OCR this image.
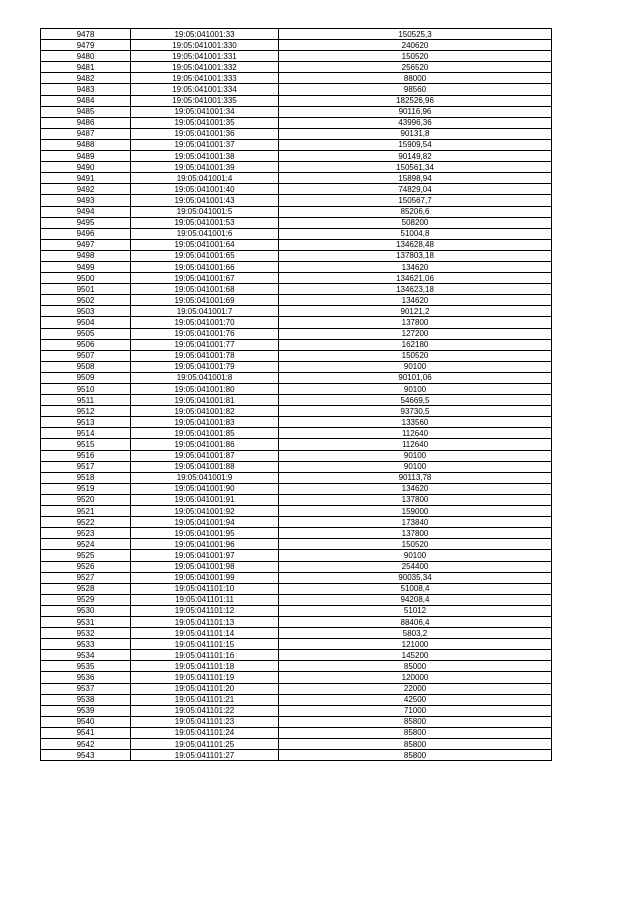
9478	19:05:041001:33	150525,3
9479	19:05:041001:330	240620
9480	19:05:041001:331	150520
9481	19:05:041001:332	256520
9482	19:05:041001:333	88000
9483	19:05:041001:334	98560
9484	19:05:041001:335	182526,96
9485	19:05:041001:34	90116,96
9486	19:05:041001:35	43996,36
9487	19:05:041001:36	90131,8
9488	19:05:041001:37	15909,54
9489	19:05:041001:38	90149,82
9490	19:05:041001:39	150561,34
9491	19:05:041001:4	15898,94
9492	19:05:041001:40	74829,04
9493	19:05:041001:43	150567,7
9494	19:05:041001:5	85206,6
9495	19:05:041001:53	508200
9496	19:05:041001:6	51004,8
9497	19:05:041001:64	134628,48
9498	19:05:041001:65	137803,18
9499	19:05:041001:66	134620
9500	19:05:041001:67	134621,06
9501	19:05:041001:68	134623,18
9502	19:05:041001:69	134620
9503	19:05:041001:7	90121,2
9504	19:05:041001:70	137800
9505	19:05:041001:76	127200
9506	19:05:041001:77	162180
9507	19:05:041001:78	150520
9508	19:05:041001:79	90100
9509	19:05:041001:8	90101,06
9510	19:05:041001:80	90100
9511	19:05:041001:81	54669,5
9512	19:05:041001:82	93730,5
9513	19:05:041001:83	133560
9514	19:05:041001:85	112640
9515	19:05:041001:86	112640
9516	19:05:041001:87	90100
9517	19:05:041001:88	90100
9518	19:05:041001:9	90113,78
9519	19:05:041001:90	134620
9520	19:05:041001:91	137800
9521	19:05:041001:92	159000
9522	19:05:041001:94	173840
9523	19:05:041001:95	137800
9524	19:05:041001:96	150520
9525	19:05:041001:97	90100
9526	19:05:041001:98	254400
9527	19:05:041001:99	90035,34
9528	19:05:041101:10	51008,4
9529	19:05:041101:11	94208,4
9530	19:05:041101:12	51012
9531	19:05:041101:13	88406,4
9532	19:05:041101:14	5803,2
9533	19:05:041101:15	121000
9534	19:05:041101:16	145200
9535	19:05:041101:18	85000
9536	19:05:041101:19	120000
9537	19:05:041101:20	22000
9538	19:05:041101:21	42500
9539	19:05:041101:22	71000
9540	19:05:041101:23	85800
9541	19:05:041101:24	85800
9542	19:05:041101:25	85800
9543	19:05:041101:27	85800
